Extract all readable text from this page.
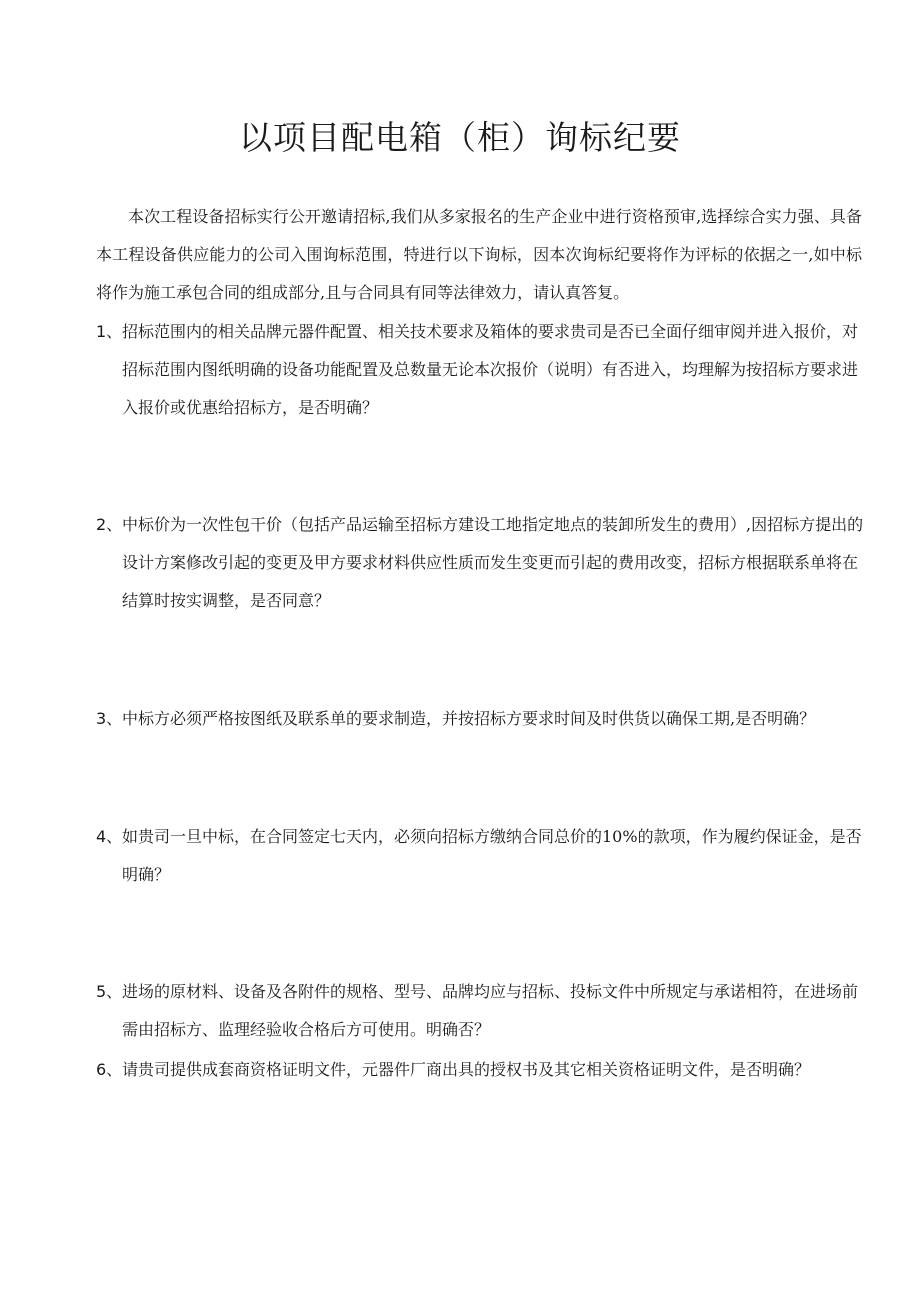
以项目配电箱（柜）询标纪要

本次工程设备招标实行公开邀请招标,我们从多家报名的生产企业中进行资格预审,选择综合实力强、具备本工程设备供应能力的公司入围询标范围，特进行以下询标，因本次询标纪要将作为评标的依据之一,如中标将作为施工承包合同的组成部分,且与合同具有同等法律效力，请认真答复。

1、 招标范围内的相关品牌元器件配置、相关技术要求及箱体的要求贵司是否已全面仔细审阅并进入报价，对招标范围内图纸明确的设备功能配置及总数量无论本次报价（说明）有否进入，均理解为按招标方要求进入报价或优惠给招标方，是否明确？
2、 中标价为一次性包干价（包括产品运输至招标方建设工地指定地点的装卸所发生的费用）,因招标方提出的设计方案修改引起的变更及甲方要求材料供应性质而发生变更而引起的费用改变，招标方根据联系单将在结算时按实调整，是否同意？
3、 中标方必须严格按图纸及联系单的要求制造，并按招标方要求时间及时供货以确保工期,是否明确？
4、 如贵司一旦中标，在合同签定七天内，必须向招标方缴纳合同总价的10%的款项，作为履约保证金，是否明确？
5、 进场的原材料、设备及各附件的规格、型号、品牌均应与招标、投标文件中所规定与承诺相符，在进场前需由招标方、监理经验收合格后方可使用。明确否？
6、 请贵司提供成套商资格证明文件，元器件厂商出具的授权书及其它相关资格证明文件，是否明确？
